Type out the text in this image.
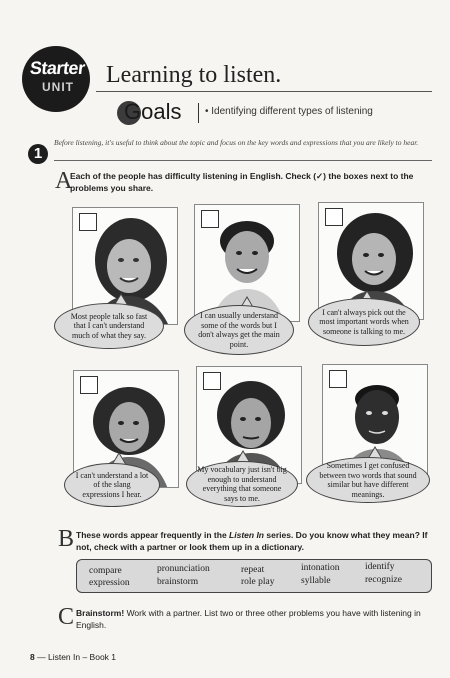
Starter
UNIT Learning to listen.
Goals • Identifying different types of listening
1
Before listening, it's useful to think about the topic and focus on the key words and expressions that you are likely to hear.
A
Each of the people has difficulty listening in English. Check (✓) the boxes next to the problems you share.
Most people talk so fast that I can't understand much of what they say.
I can usually understand some of the words but I don't always get the main point.
I can't always pick out the most important words when someone is talking to me.
I can't understand a lot of the slang expressions I hear.
My vocabulary just isn't big enough to understand everything that someone says to me.
Sometimes I get confused between two words that sound similar but have different meanings.
B These words appear frequently in the Listen In series. Do you know what they mean? If not, check with a partner or look them up in a dictionary.
compare	pronunciation	repeat	intonation	identify
expression	brainstorm	role play	syllable	recognize
C Brainstorm! Work with a partner. List two or three other problems you have with listening in English.
8 — Listen In – Book 1
